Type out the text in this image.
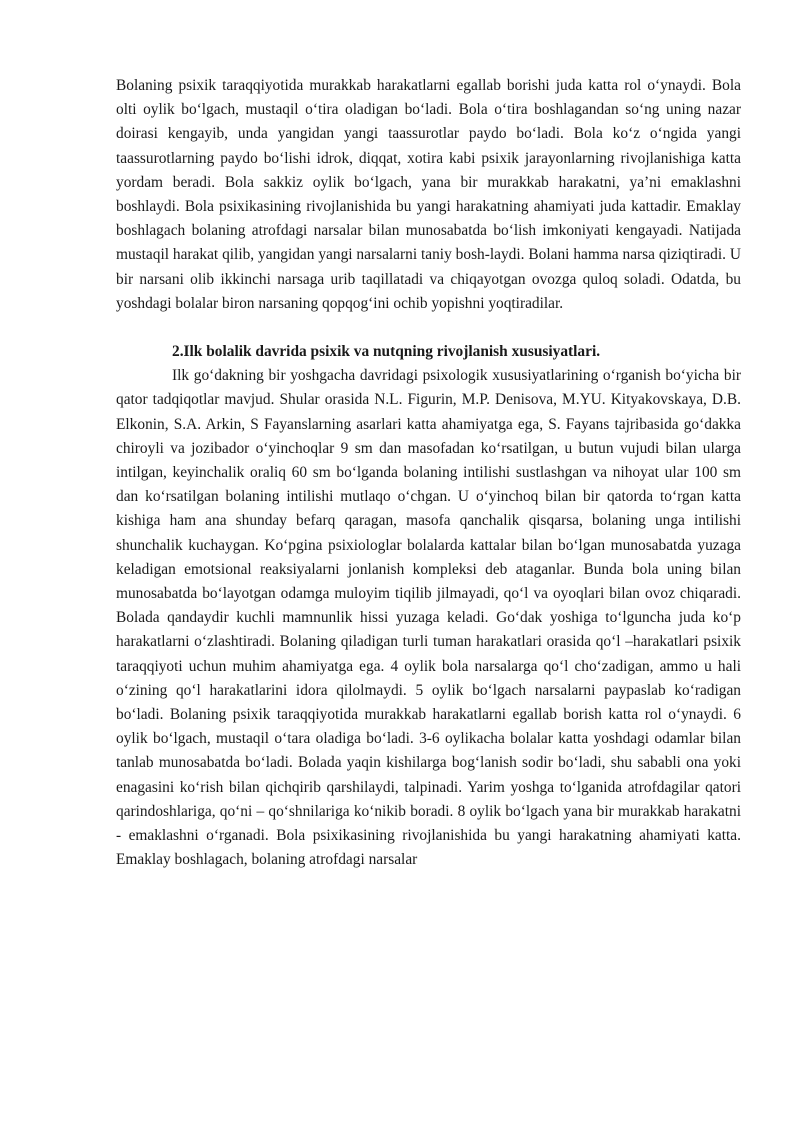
Bolaning psixik taraqqiyotida murakkab harakatlarni egallab borishi juda katta rol o‘ynaydi. Bola olti oylik bo‘lgach, mustaqil o‘tira oladigan bo‘ladi. Bola o‘tira boshlagandan so‘ng uning nazar doirasi kengayib, unda yangidan yangi taassurotlar paydo bo‘ladi. Bola ko‘z o‘ngida yangi taassurotlarning paydo bo‘lishi idrok, diqqat, xotira kabi psixik jarayonlarning rivojlanishiga katta yordam beradi. Bola sakkiz oylik bo‘lgach, yana bir murakkab harakatni, ya’ni emaklashni boshlaydi. Bola psixikasining rivojlanishida bu yangi harakatning ahamiyati juda kattadir. Emaklay boshlagach bolaning atrofdagi narsalar bilan munosabatda bo‘lish imkoniyati kengayadi. Natijada mustaqil harakat qilib, yangidan yangi narsalarni taniy bosh-laydi. Bolani hamma narsa qiziqtiradi. U bir narsani olib ikkinchi narsaga urib taqillatadi va chiqayotgan ovozga quloq soladi. Odatda, bu yoshdagi bolalar biron narsaning qopqog‘ini ochib yopishni yoqtiradilar.

2.Ilk bolalik davrida psixik va nutqning rivojlanish xususiyatlari.

Ilk go‘dakning bir yoshgacha davridagi psixologik xususiyatlarining o‘rganish bo‘yicha bir qator tadqiqotlar mavjud. Shular orasida N.L. Figurin, M.P. Denisova, M.YU. Kityakovskaya, D.B. Elkonin, S.A. Arkin, S Fayanslarning asarlari katta ahamiyatga ega, S. Fayans tajribasida go‘dakka chiroyli va jozibador o‘yinchoqlar 9 sm dan masofadan ko‘rsatilgan, u butun vujudi bilan ularga intilgan, keyinchalik oraliq 60 sm bo‘lganda bolaning intilishi sustlashgan va nihoyat ular 100 sm dan ko‘rsatilgan bolaning intilishi mutlaqo o‘chgan. U o‘yinchoq bilan bir qatorda to‘rgan katta kishiga ham ana shunday befarq qaragan, masofa qanchalik qisqarsa, bolaning unga intilishi shunchalik kuchaygan. Ko‘pgina psixiologlar bolalarda kattalar bilan bo‘lgan munosabatda yuzaga keladigan emotsional reaksiyalarni jonlanish kompleksi deb ataganlar. Bunda bola uning bilan munosabatda bo‘layotgan odamga muloyim tiqilib jilmayadi, qo‘l va oyoqlari bilan ovoz chiqaradi. Bolada qandaydir kuchli mamnunlik hissi yuzaga keladi. Go‘dak yoshiga to‘lguncha juda ko‘p harakatlarni o‘zlashtiradi. Bolaning qiladigan turli tuman harakatlari orasida qo‘l –harakatlari psixik taraqqiyoti uchun muhim ahamiyatga ega. 4 oylik bola narsalarga qo‘l cho‘zadigan, ammo u hali o‘zining qo‘l harakatlarini idora qilolmaydi. 5 oylik bo‘lgach narsalarni paypaslab ko‘radigan bo‘ladi. Bolaning psixik taraqqiyotida murakkab harakatlarni egallab borish katta rol o‘ynaydi. 6 oylik bo‘lgach, mustaqil o‘tara oladiga bo‘ladi. 3-6 oylikacha bolalar katta yoshdagi odamlar bilan tanlab munosabatda bo‘ladi. Bolada yaqin kishilarga bog‘lanish sodir bo‘ladi, shu sababli ona yoki enagasini ko‘rish bilan qichqirib qarshilaydi, talpinadi. Yarim yoshga to‘lganida atrofdagilar qatori qarindoshlariga, qo‘ni – qo‘shnilariga ko‘nikib boradi. 8 oylik bo‘lgach yana bir murakkab harakatni - emaklashni o‘rganadi. Bola psixikasining rivojlanishida bu yangi harakatning ahamiyati katta. Emaklay boshlagach, bolaning atrofdagi narsalar
